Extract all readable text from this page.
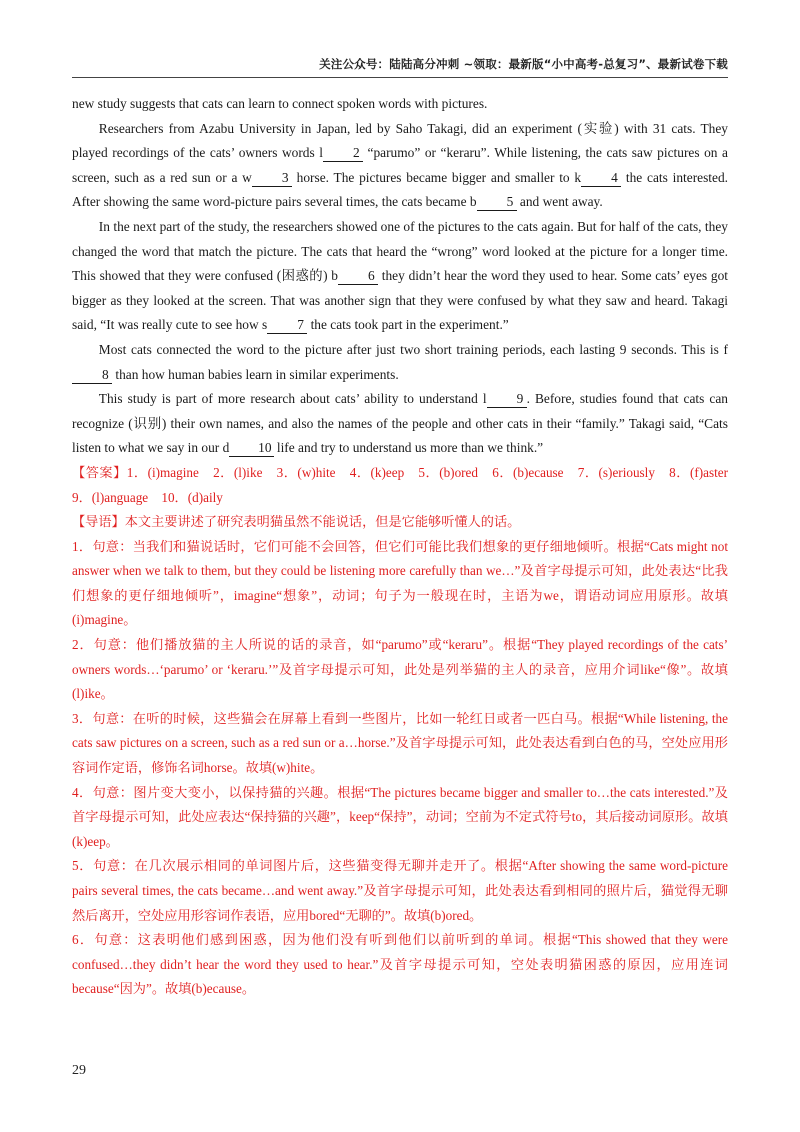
关注公众号：陆陆高分冲刺 ~领取：最新版“小中高考-总复习”、最新试卷下载

new study suggests that cats can learn to connect spoken words with pictures.

Researchers from Azabu University in Japan, led by Saho Takagi, did an experiment (实验) with 31 cats. They played recordings of the cats’ owners words l 2 “parumo” or “keraru”. While listening, the cats saw pictures on a screen, such as a red sun or a w 3 horse. The pictures became bigger and smaller to k 4 the cats interested. After showing the same word-picture pairs several times, the cats became b 5 and went away.

In the next part of the study, the researchers showed one of the pictures to the cats again. But for half of the cats, they changed the word that match the picture. The cats that heard the “wrong” word looked at the picture for a longer time. This showed that they were confused (困惑的) b 6 they didn’t hear the word they used to hear. Some cats’ eyes got bigger as they looked at the screen. That was another sign that they were confused by what they saw and heard. Takagi said, “It was really cute to see how s 7 the cats took part in the experiment.”

Most cats connected the word to the picture after just two short training periods, each lasting 9 seconds. This is f8 than how human babies learn in similar experiments.

This study is part of more research about cats’ ability to understand l 9 . Before, studies found that cats can recognize (识别) their own names, and also the names of the people and other cats in their “family.” Takagi said, “Cats listen to what we say in our d 10 life and try to understand us more than we think.”

【答案】1．(i)magine　2．(l)ike　3．(w)hite　4．(k)eep　5．(b)ored　6．(b)ecause　7．(s)eriously　8．(f)aster　9．(l)anguage　10．(d)aily

【导语】本文主要讲述了研究表明猫虽然不能说话，但是它能够听懂人的话。

1．句意：当我们和猫说话时，它们可能不会回答，但它们可能比我们想象的更仔细地倾听。根据“Cats might not answer when we talk to them, but they could be listening more carefully than we…”及首字母提示可知，此处表达“比我们想象的更仔细地倾听”，imagine“想象”，动词；句子为一般现在时，主语为we，谓语动词应用原形。故填(i)magine。

2．句意：他们播放猫的主人所说的话的录音，如“parumo”或“keraru”。根据“They played recordings of the cats’ owners words…‘parumo’ or ‘keraru.’”及首字母提示可知，此处是列举猫的主人的录音，应用介词like“像”。故填(l)ike。

3．句意：在听的时候，这些猫会在屏幕上看到一些图片，比如一轮红日或者一匹白马。根据“While listening, the cats saw pictures on a screen, such as a red sun or a…horse.”及首字母提示可知，此处表达看到白色的马，空处应用形容词作定语，修饰名词horse。故填(w)hite。

4．句意：图片变大变小，以保持猫的兴趣。根据“The pictures became bigger and smaller to…the cats interested.”及首字母提示可知，此处应表达“保持猫的兴趣”，keep“保持”，动词；空前为不定式符号to，其后接动词原形。故填(k)eep。

5．句意：在几次展示相同的单词图片后，这些猫变得无聊并走开了。根据“After showing the same word-picture pairs several times, the cats became…and went away.”及首字母提示可知，此处表达看到相同的照片后，猫觉得无聊然后离开，空处应用形容词作表语，应用bored“无聊的”。故填(b)ored。

6．句意：这表明他们感到困惑，因为他们没有听到他们以前听到的单词。根据“This showed that they were confused…they didn’t hear the word they used to hear.”及首字母提示可知，空处表明猫困惑的原因，应用连词because“因为”。故填(b)ecause。

29
